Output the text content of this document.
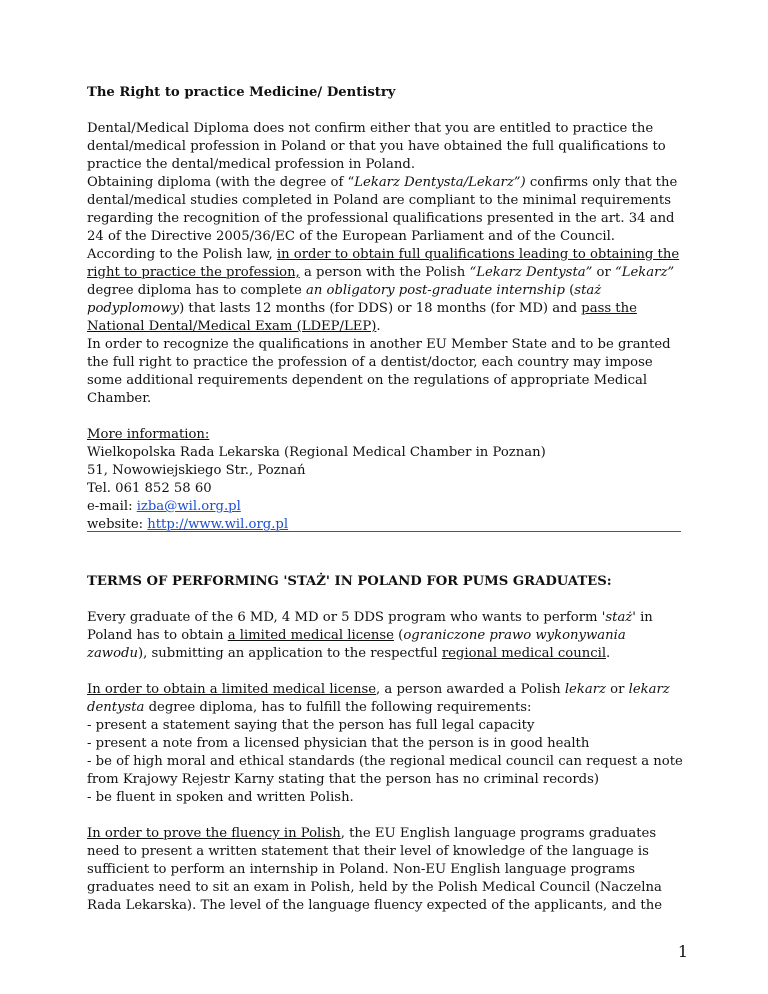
The Right to practice Medicine/ Dentistry

Dental/Medical Diploma does not confirm either that you are entitled to practice the dental/medical profession in Poland or that you have obtained the full qualifications to practice the dental/medical profession in Poland.

Obtaining diploma (with the degree of “Lekarz Dentysta/Lekarz”) confirms only that the dental/medical studies completed in Poland are compliant to the minimal requirements regarding the recognition of the professional qualifications presented in the art. 34 and 24 of the Directive 2005/36/EC of the European Parliament and of the Council.

According to the Polish law, in order to obtain full qualifications leading to obtaining the right to practice the profession, a person with the Polish “Lekarz Dentysta” or “Lekarz” degree diploma has to complete an obligatory post-graduate internship (staż podyplomowy) that lasts 12 months (for DDS) or 18 months (for MD) and pass the National Dental/Medical Exam (LDEP/LEP).

In order to recognize the qualifications in another EU Member State and to be granted the full right to practice the profession of a dentist/doctor, each country may impose some additional requirements dependent on the regulations of appropriate Medical Chamber.

More information:

Wielkopolska Rada Lekarska (Regional Medical Chamber in Poznan)

51, Nowowiejskiego Str., Poznań

Tel. 061 852 58 60

e-mail: izba@wil.org.pl

website: http://www.wil.org.pl

TERMS OF PERFORMING 'STAŻ' IN POLAND FOR PUMS GRADUATES:

Every graduate of the 6 MD, 4 MD or 5 DDS program who wants to perform 'staż' in Poland has to obtain a limited medical license (ograniczone prawo wykonywania zawodu), submitting an application to the respectful regional medical council.

In order to obtain a limited medical license, a person awarded a Polish lekarz or lekarz dentysta degree diploma, has to fulfill the following requirements:

- present a statement saying that the person has full legal capacity

- present a note from a licensed physician that the person is in good health

- be of high moral and ethical standards (the regional medical council can request a note from Krajowy Rejestr Karny stating that the person has no criminal records)

- be fluent in spoken and written Polish.

In order to prove the fluency in Polish, the EU English language programs graduates need to present a written statement that their level of knowledge of the language is sufficient to perform an internship in Poland. Non-EU English language programs graduates need to sit an exam in Polish, held by the Polish Medical Council (Naczelna Rada Lekarska). The level of the language fluency expected of the applicants, and the

1
